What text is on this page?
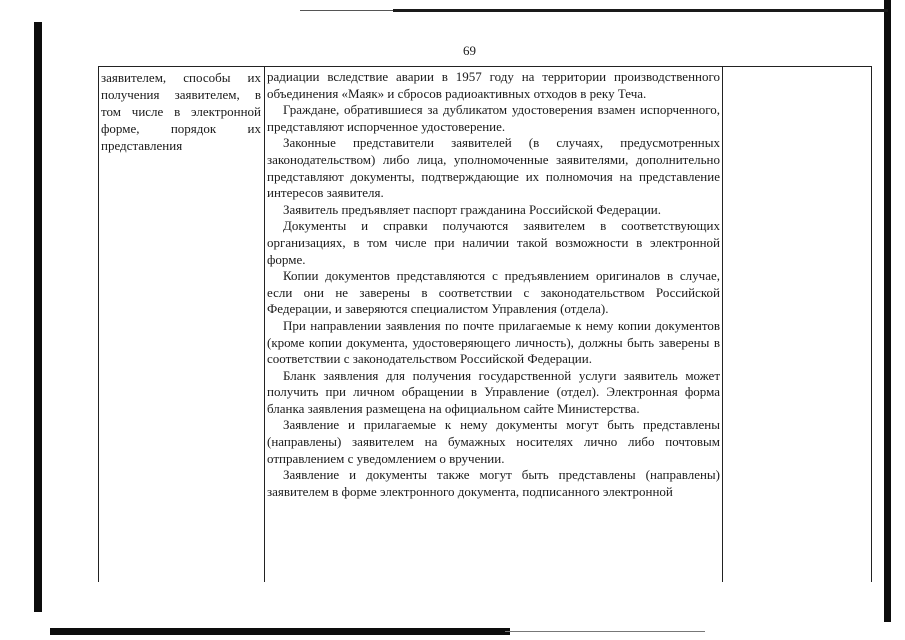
69
заявителем, способы их
получения заявителем, в
том числе в электронной
форме, порядок их
представления

радиации вследствие аварии в 1957 году на территории производственного объединения «Маяк» и сбросов радиоактивных отходов в реку Теча.

Граждане, обратившиеся за дубликатом удостоверения взамен испорченного, представляют испорченное удостоверение.

Законные представители заявителей (в случаях, предусмотренных законодательством) либо лица, уполномоченные заявителями, дополнительно представляют документы, подтверждающие их полномочия на представление интересов заявителя.

Заявитель предъявляет паспорт гражданина Российской Федерации.

Документы и справки получаются заявителем в соответствующих организациях, в том числе при наличии такой возможности в электронной форме.

Копии документов представляются с предъявлением оригиналов в случае, если они не заверены в соответствии с законодательством Российской Федерации, и заверяются специалистом Управления (отдела).

При направлении заявления по почте прилагаемые к нему копии документов (кроме копии документа, удостоверяющего личность), должны быть заверены в соответствии с законодательством Российской Федерации.

Бланк заявления для получения государственной услуги заявитель может получить при личном обращении в Управление (отдел). Электронная форма бланка заявления размещена на официальном сайте Министерства.

Заявление и прилагаемые к нему документы могут быть представлены (направлены) заявителем на бумажных носителях лично либо почтовым отправлением с уведомлением о вручении.

Заявление и документы также могут быть представлены (направлены) заявителем в форме электронного документа, подписанного электронной
